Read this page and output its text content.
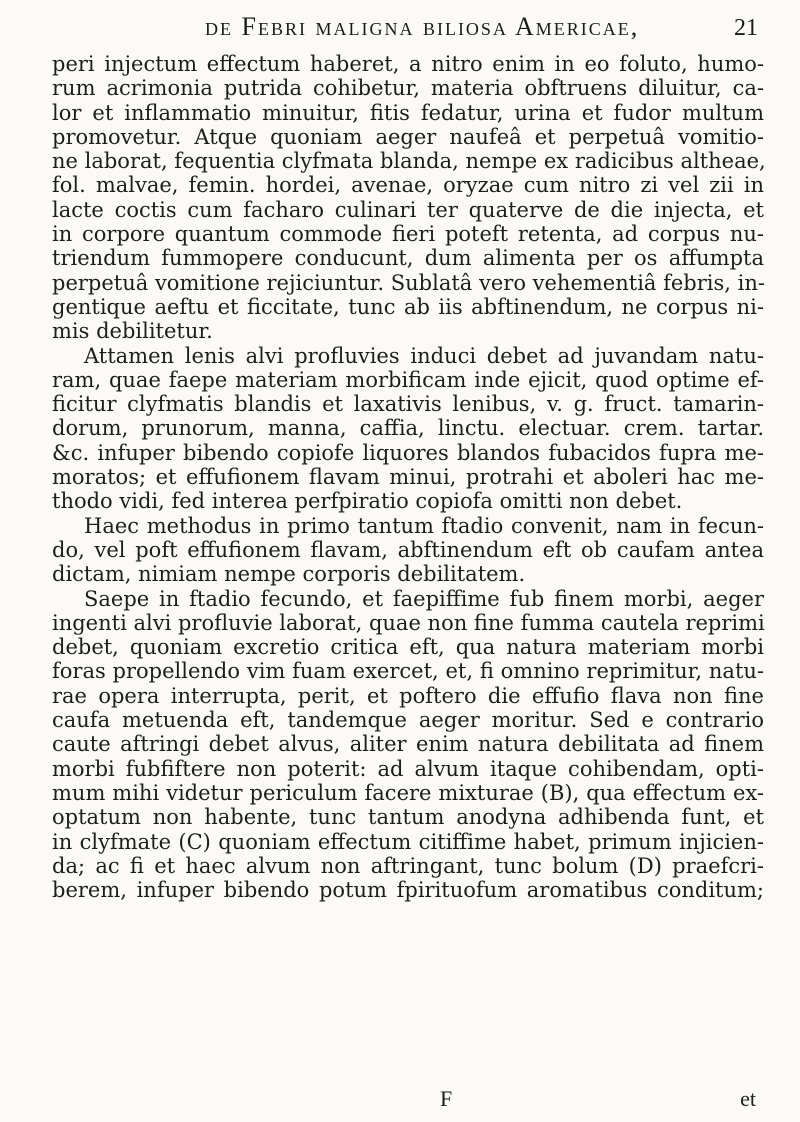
de Febri maligna biliosa Americae,	21
peri injectum effectum haberet, a nitro enim in eo foluto, humo-
rum acrimonia putrida cohibetur, materia obftruens diluitur, ca-
lor et inflammatio minuitur, fitis fedatur, urina et fudor multum
promovetur. Atque quoniam aeger naufeâ et perpetuâ vomitio-
ne laborat, fequentia clyfmata blanda, nempe ex radicibus altheae,
fol. malvae, femin. hordei, avenae, oryzae cum nitro zi vel zii in
lacte coctis cum facharo culinari ter quaterve de die injecta, et
in corpore quantum commode fieri poteft retenta, ad corpus nu-
triendum fummopere conducunt, dum alimenta per os affumpta
perpetuâ vomitione rejiciuntur. Sublatâ vero vehementiâ febris, in-
gentique aeftu et ficcitate, tunc ab iis abftinendum, ne corpus ni-
mis debilitetur.
Attamen lenis alvi profluvies induci debet ad juvandam natu-
ram, quae faepe materiam morbificam inde ejicit, quod optime ef-
ficitur clyfmatis blandis et laxativis lenibus, v. g. fruct. tamarin-
dorum, prunorum, manna, caffia, linctu. electuar. crem. tartar.
&c. infuper bibendo copiofe liquores blandos fubacidos fupra me-
moratos; et effufionem flavam minui, protrahi et aboleri hac me-
thodo vidi, fed interea perfpiratio copiofa omitti non debet.
Haec methodus in primo tantum ftadio convenit, nam in fecun-
do, vel poft effufionem flavam, abftinendum eft ob caufam antea
dictam, nimiam nempe corporis debilitatem.
Saepe in ftadio fecundo, et faepiffime fub finem morbi, aeger
ingenti alvi profluvie laborat, quae non fine fumma cautela reprimi
debet, quoniam excretio critica eft, qua natura materiam morbi
foras propellendo vim fuam exercet, et, fi omnino reprimitur, natu-
rae opera interrupta, perit, et poftero die effufio flava non fine
caufa metuenda eft, tandemque aeger moritur. Sed e contrario
caute aftringi debet alvus, aliter enim natura debilitata ad finem
morbi fubfiftere non poterit: ad alvum itaque cohibendam, opti-
mum mihi videtur periculum facere mixturae (B), qua effectum ex-
optatum non habente, tunc tantum anodyna adhibenda funt, et
in clyfmate (C) quoniam effectum citiffime habet, primum injicien-
da; ac fi et haec alvum non aftringant, tunc bolum (D) praefcri-
berem, infuper bibendo potum fpirituofum aromatibus conditum;
F	et
